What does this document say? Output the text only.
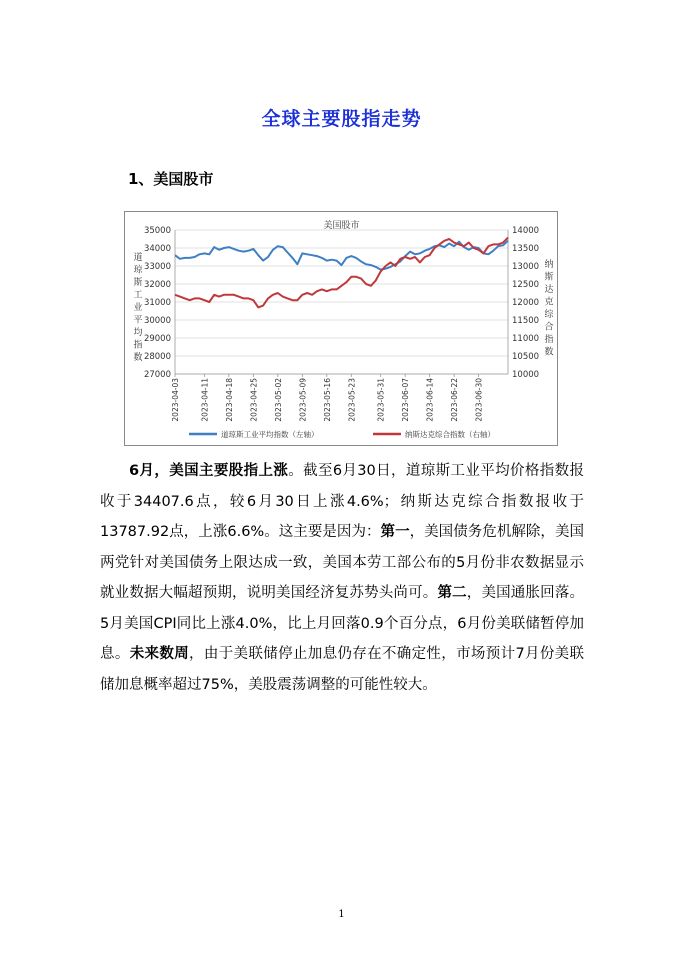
全球主要股指走势
1、美国股市
27000
28000
29000
30000
31000
32000
33000
34000
35000
10000
10500
11000
11500
12000
12500
13000
13500
14000
2023-04-03	2023-04-11 2023-04-18 2023-04-25 2023-05-02 2023-05-09 2023-05-16 2023-05-23	2023-05-31 2023-06-07 2023-06-14 2023-06-22 2023-06-30
美国股市
道琼斯工业平均指数
纳斯达克综合指数
道琼斯工业平均指数（左轴）	纳斯达克综合指数（右轴）

6月，美国主要股指上涨。截至6月30日，道琼斯工业平均价格指数报收于34407.6点，较6月30日上涨4.6%；纳斯达克综合指数报收于13787.92点，上涨6.6%。这主要是因为：第一，美国债务危机解除，美国两党针对美国债务上限达成一致，美国本劳工部公布的5月份非农数据显示就业数据大幅超预期，说明美国经济复苏势头尚可。第二，美国通胀回落。5月美国CPI同比上涨4.0%，比上月回落0.9个百分点，6月份美联储暂停加息。未来数周，由于美联储停止加息仍存在不确定性，市场预计7月份美联储加息概率超过75%，美股震荡调整的可能性较大。

1
